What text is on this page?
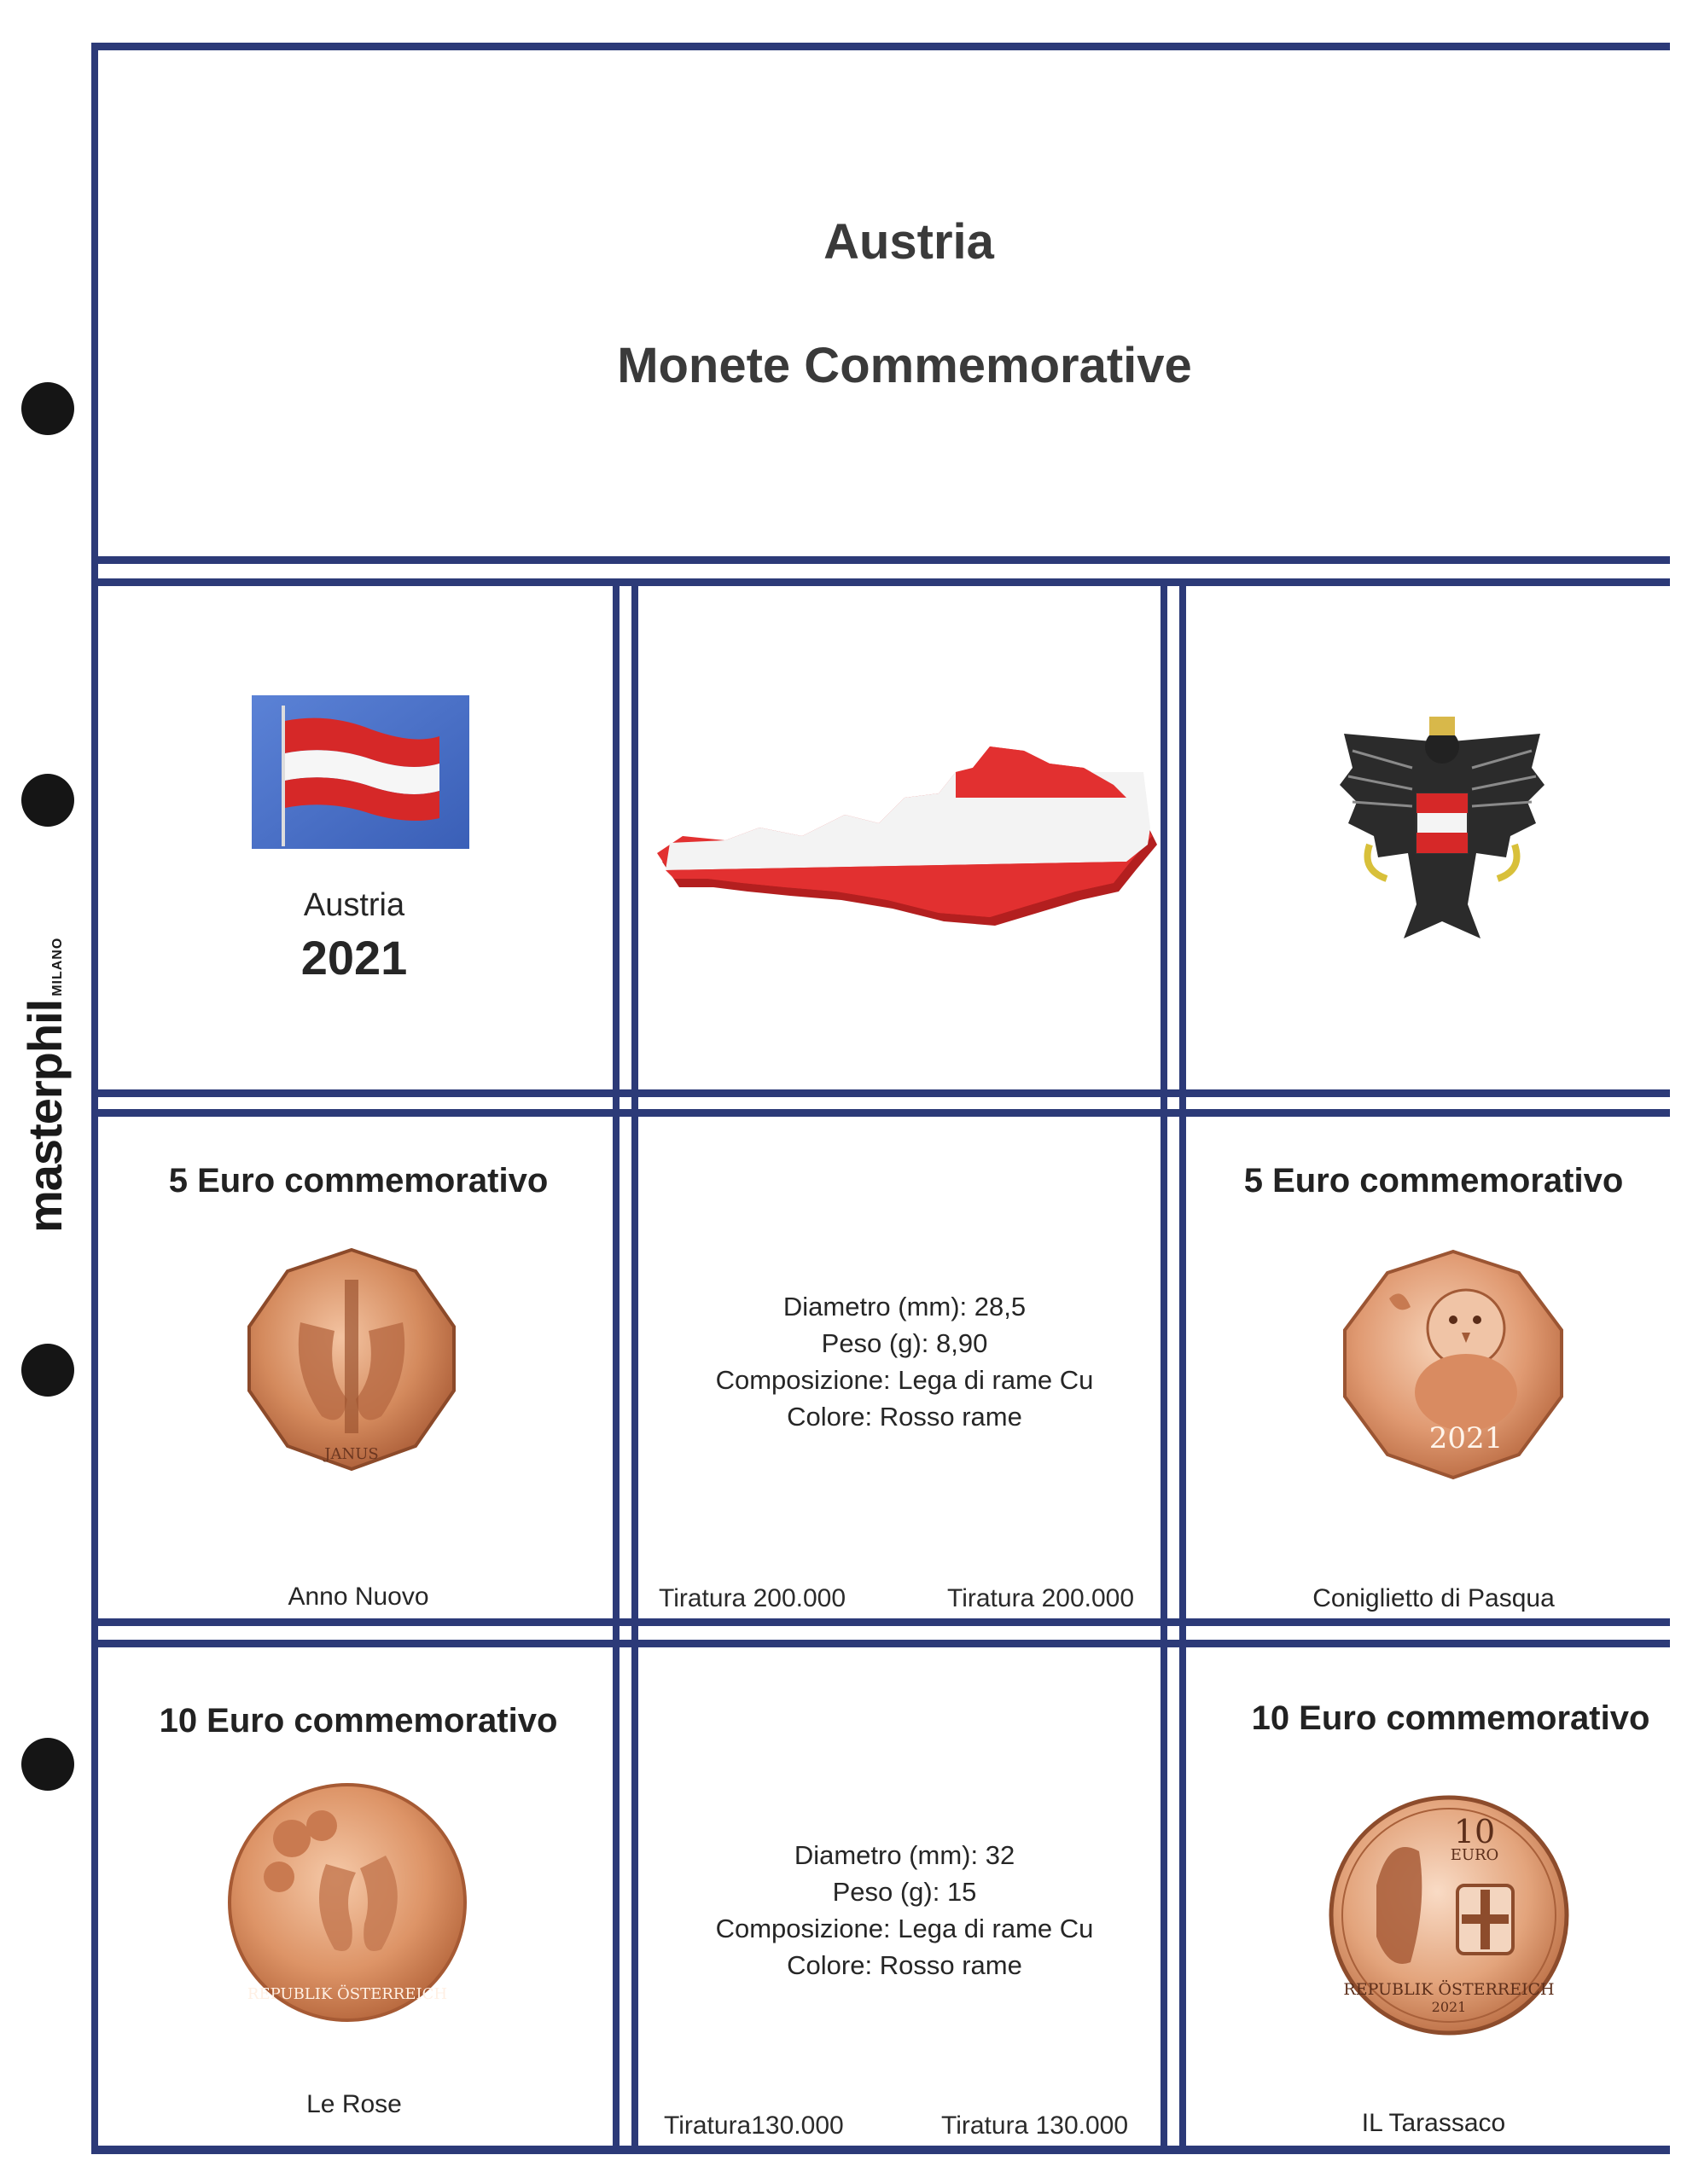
masterphilMILANO
Austria
Monete Commemorative
Austria
2021
5 Euro commemorativo
JANUS
Anno Nuovo
Diametro (mm): 28,5
Peso (g): 8,90
Composizione: Lega di rame Cu
Colore: Rosso rame
Tiratura 200.000	Tiratura 200.000
5 Euro commemorativo
2021
Coniglietto di Pasqua
10 Euro commemorativo
REPUBLIK ÖSTERREICH
Le Rose
Diametro (mm): 32
Peso (g): 15
Composizione: Lega di rame Cu
Colore: Rosso rame
Tiratura130.000	Tiratura 130.000
10 Euro commemorativo
10
EURO
REPUBLIK ÖSTERREICH
2021
IL Tarassaco
